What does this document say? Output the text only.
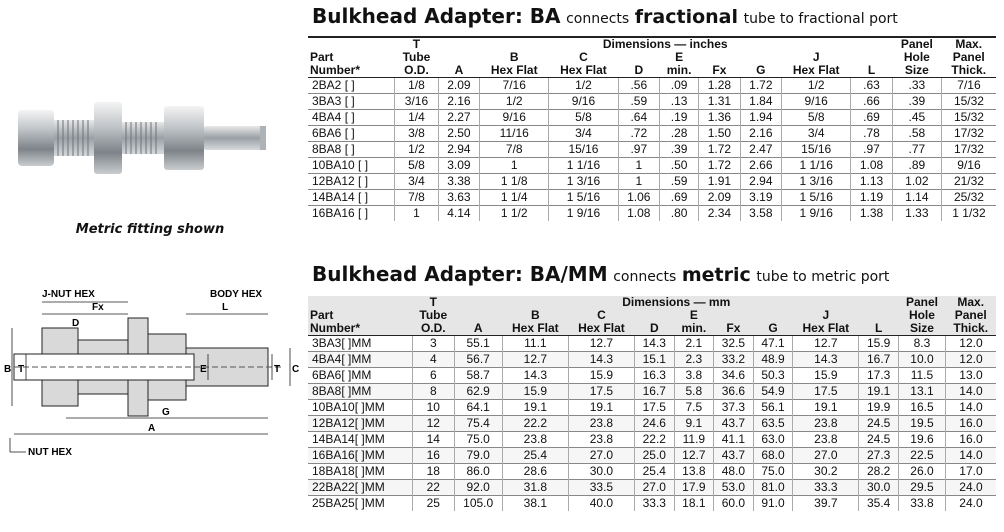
Metric fitting shown
J-NUT HEX	BODY HEX
Fx	L
D
B T	E	T C
G
A
NUT HEX
Bulkhead Adapter: BA connects fractional tube to fractional port
	T	Dimensions — inches									Panel	Max.
Part	Tube		B	C		E			J		Hole	Panel
Number*	O.D.	A	Hex Flat	Hex Flat	D	min.	Fx	G	Hex Flat	L	Size	Thick.
2BA2 [ ]	1/8	2.09	7/16	1/2	.56	.09	1.28	1.72	1/2	.63	.33	7/16
3BA3 [ ]	3/16	2.16	1/2	9/16	.59	.13	1.31	1.84	9/16	.66	.39	15/32
4BA4 [ ]	1/4	2.27	9/16	5/8	.64	.19	1.36	1.94	5/8	.69	.45	15/32
6BA6 [ ]	3/8	2.50	11/16	3/4	.72	.28	1.50	2.16	3/4	.78	.58	17/32
8BA8 [ ]	1/2	2.94	7/8	15/16	.97	.39	1.72	2.47	15/16	.97	.77	17/32
10BA10 [ ]	5/8	3.09	1	1 1/16	1	.50	1.72	2.66	1 1/16	1.08	.89	9/16
12BA12 [ ]	3/4	3.38	1 1/8	1 3/16	1	.59	1.91	2.94	1 3/16	1.13	1.02	21/32
14BA14 [ ]	7/8	3.63	1 1/4	1 5/16	1.06	.69	2.09	3.19	1 5/16	1.19	1.14	25/32
16BA16 [ ]	1	4.14	1 1/2	1 9/16	1.08	.80	2.34	3.58	1 9/16	1.38	1.33	1 1/32
Bulkhead Adapter: BA/MM connects metric tube to metric port
	T	Dimensions — mm									Panel	Max.
Part	Tube		B	C		E			J		Hole	Panel
Number*	O.D.	A	Hex Flat	Hex Flat	D	min.	Fx	G	Hex Flat	L	Size	Thick.
3BA3[ ]MM	3	55.1	11.1	12.7	14.3	2.1	32.5	47.1	12.7	15.9	8.3	12.0
4BA4[ ]MM	4	56.7	12.7	14.3	15.1	2.3	33.2	48.9	14.3	16.7	10.0	12.0
6BA6[ ]MM	6	58.7	14.3	15.9	16.3	3.8	34.6	50.3	15.9	17.3	11.5	13.0
8BA8[ ]MM	8	62.9	15.9	17.5	16.7	5.8	36.6	54.9	17.5	19.1	13.1	14.0
10BA10[ ]MM	10	64.1	19.1	19.1	17.5	7.5	37.3	56.1	19.1	19.9	16.5	14.0
12BA12[ ]MM	12	75.4	22.2	23.8	24.6	9.1	43.7	63.5	23.8	24.5	19.5	16.0
14BA14[ ]MM	14	75.0	23.8	23.8	22.2	11.9	41.1	63.0	23.8	24.5	19.6	16.0
16BA16[ ]MM	16	79.0	25.4	27.0	25.0	12.7	43.7	68.0	27.0	27.3	22.5	14.0
18BA18[ ]MM	18	86.0	28.6	30.0	25.4	13.8	48.0	75.0	30.2	28.2	26.0	17.0
22BA22[ ]MM	22	92.0	31.8	33.5	27.0	17.9	53.0	81.0	33.3	30.0	29.5	24.0
25BA25[ ]MM	25	105.0	38.1	40.0	33.3	18.1	60.0	91.0	39.7	35.4	33.8	24.0
